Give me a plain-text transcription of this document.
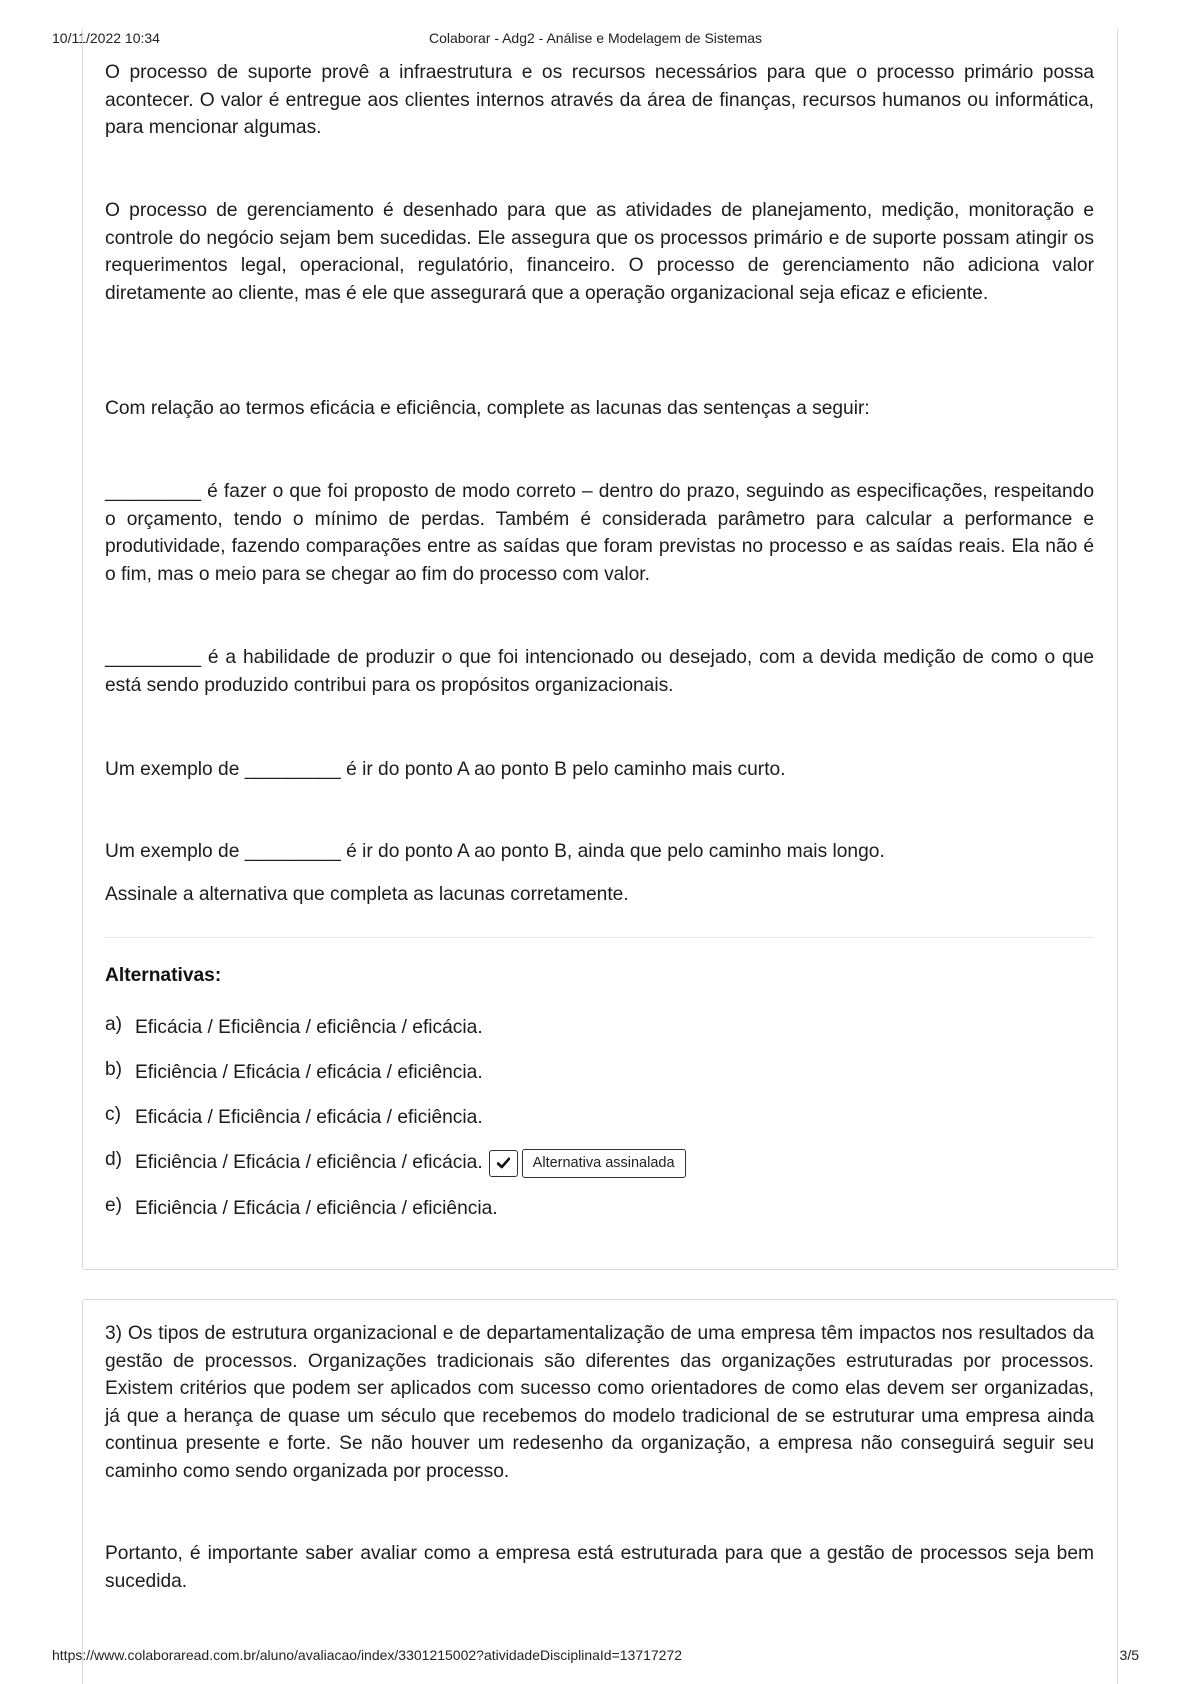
10/11/2022 10:34	Colaborar - Adg2 - Análise e Modelagem de Sistemas

O processo de suporte provê a infraestrutura e os recursos necessários para que o processo primário possa acontecer. O valor é entregue aos clientes internos através da área de finanças, recursos humanos ou informática, para mencionar algumas.

O processo de gerenciamento é desenhado para que as atividades de planejamento, medição, monitoração e controle do negócio sejam bem sucedidas. Ele assegura que os processos primário e de suporte possam atingir os requerimentos legal, operacional, regulatório, financeiro. O processo de gerenciamento não adiciona valor diretamente ao cliente, mas é ele que assegurará que a operação organizacional seja eficaz e eficiente.

Com relação ao termos eficácia e eficiência, complete as lacunas das sentenças a seguir:

_________ é fazer o que foi proposto de modo correto – dentro do prazo, seguindo as especificações, respeitando o orçamento, tendo o mínimo de perdas. Também é considerada parâmetro para calcular a performance e produtividade, fazendo comparações entre as saídas que foram previstas no processo e as saídas reais. Ela não é o fim, mas o meio para se chegar ao fim do processo com valor.

_________ é a habilidade de produzir o que foi intencionado ou desejado, com a devida medição de como o que está sendo produzido contribui para os propósitos organizacionais.

Um exemplo de _________ é ir do ponto A ao ponto B pelo caminho mais curto.

Um exemplo de _________ é ir do ponto A ao ponto B, ainda que pelo caminho mais longo.

Assinale a alternativa que completa as lacunas corretamente.

Alternativas:
a) Eficácia / Eficiência / eficiência / eficácia.
b) Eficiência / Eficácia / eficácia / eficiência.
c) Eficácia / Eficiência / eficácia / eficiência.
d) Eficiência / Eficácia / eficiência / eficácia.	Alternativa assinalada
e) Eficiência / Eficácia / eficiência / eficiência.

3) Os tipos de estrutura organizacional e de departamentalização de uma empresa têm impactos nos resultados da gestão de processos. Organizações tradicionais são diferentes das organizações estruturadas por processos. Existem critérios que podem ser aplicados com sucesso como orientadores de como elas devem ser organizadas, já que a herança de quase um século que recebemos do modelo tradicional de se estruturar uma empresa ainda continua presente e forte. Se não houver um redesenho da organização, a empresa não conseguirá seguir seu caminho como sendo organizada por processo.

Portanto, é importante saber avaliar como a empresa está estruturada para que a gestão de processos seja bem sucedida.

https://www.colaboraread.com.br/aluno/avaliacao/index/3301215002?atividadeDisciplinaId=13717272	3/5
